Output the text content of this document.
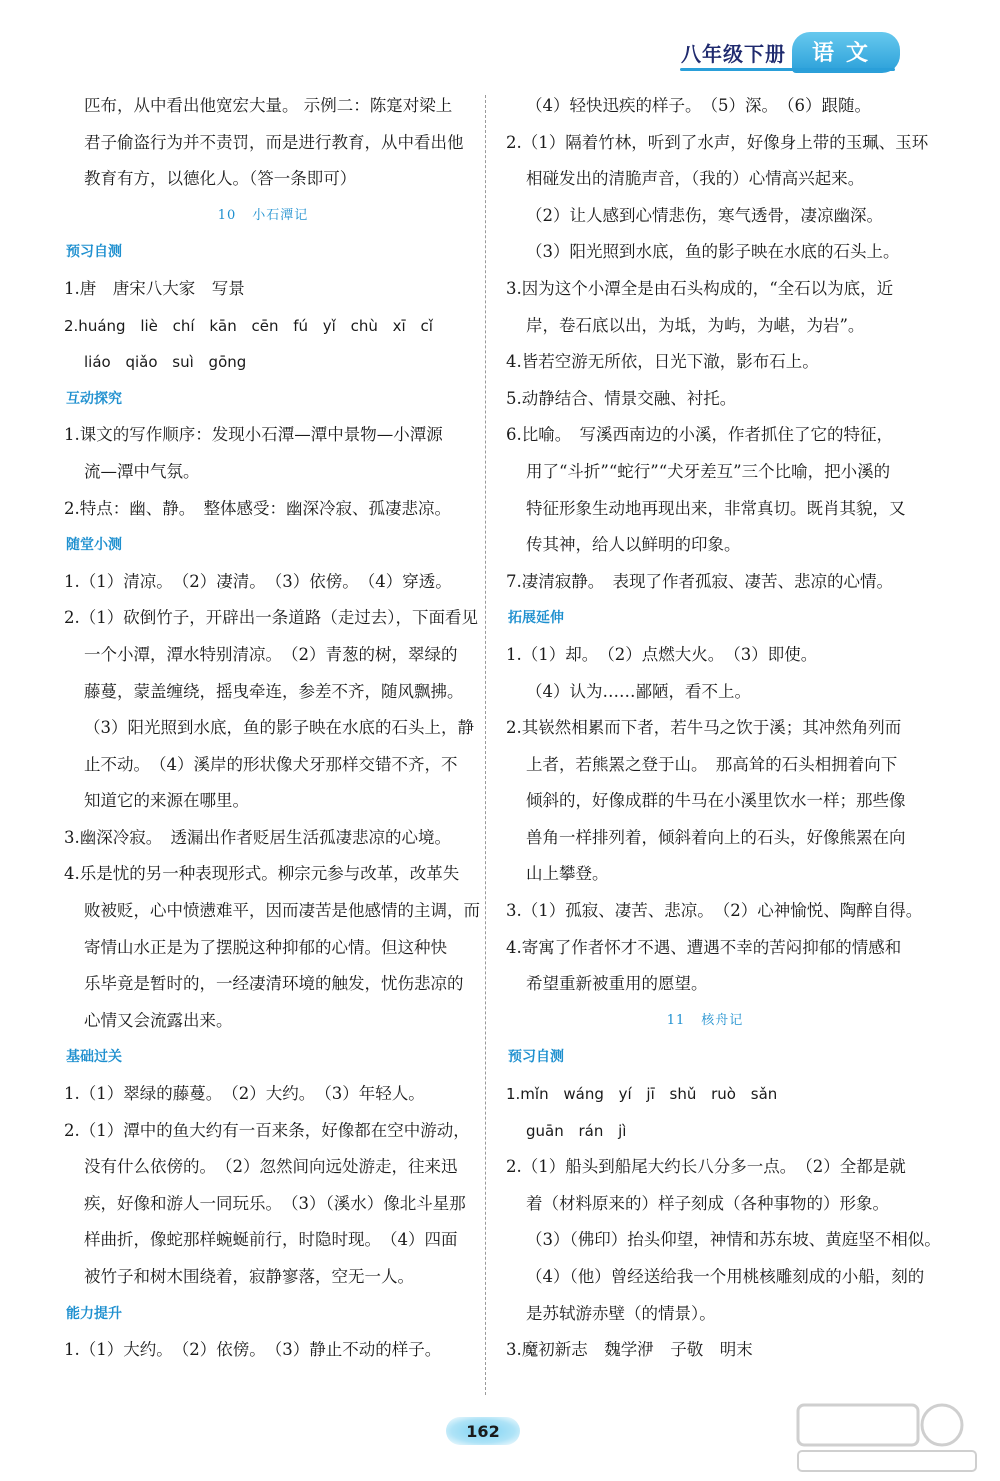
八年级下册	语文
匹布，从中看出他宽宏大量。 示例二：陈寔对梁上
君子偷盗行为并不责罚，而是进行教育，从中看出他
教育有方，以德化人。（答一条即可）
10 小石潭记
预习自测
1.唐　唐宋八大家　写景
2.huáng liè chí kān cēn fú yǐ chù xī cǐ
liáo qiǎo suì gōng
互动探究
1.课文的写作顺序：发现小石潭—潭中景物—小潭源
流—潭中气氛。
2.特点：幽、静。　整体感受：幽深冷寂、孤凄悲凉。
随堂小测
1.（1）清凉。　（2）凄清。　（3）依傍。　（4）穿透。
2.（1）砍倒竹子，开辟出一条道路（走过去），下面看见
一个小潭，潭水特别清凉。　（2）青葱的树，翠绿的
藤蔓，蒙盖缠绕，摇曳牵连，参差不齐，随风飘拂。
（3）阳光照到水底，鱼的影子映在水底的石头上，静
止不动。　（4）溪岸的形状像犬牙那样交错不齐，不
知道它的来源在哪里。
3.幽深冷寂。　透漏出作者贬居生活孤凄悲凉的心境。
4.乐是忧的另一种表现形式。柳宗元参与改革，改革失
败被贬，心中愤懑难平，因而凄苦是他感情的主调，而
寄情山水正是为了摆脱这种抑郁的心情。但这种快
乐毕竟是暂时的，一经凄清环境的触发，忧伤悲凉的
心情又会流露出来。
基础过关
1.（1）翠绿的藤蔓。　（2）大约。　（3）年轻人。
2.（1）潭中的鱼大约有一百来条，好像都在空中游动，
没有什么依傍的。　（2）忽然间向远处游走，往来迅
疾，好像和游人一同玩乐。　（3）（溪水）像北斗星那
样曲折，像蛇那样蜿蜒前行，时隐时现。　（4）四面
被竹子和树木围绕着，寂静寥落，空无一人。
能力提升
1.（1）大约。　（2）依傍。　（3）静止不动的样子。
（4）轻快迅疾的样子。　（5）深。　（6）跟随。
2.（1）隔着竹林，听到了水声，好像身上带的玉珮、玉环
相碰发出的清脆声音，（我的）心情高兴起来。
（2）让人感到心情悲伤，寒气透骨，凄凉幽深。
（3）阳光照到水底，鱼的影子映在水底的石头上。
3.因为这个小潭全是由石头构成的，“全石以为底，近
岸，卷石底以出，为坻，为屿，为嵁，为岩”。
4.皆若空游无所依，日光下澈，影布石上。
5.动静结合、情景交融、衬托。
6.比喻。　写溪西南边的小溪，作者抓住了它的特征，
用了“斗折”“蛇行”“犬牙差互”三个比喻，把小溪的
特征形象生动地再现出来，非常真切。既肖其貌，又
传其神，给人以鲜明的印象。
7.凄清寂静。　表现了作者孤寂、凄苦、悲凉的心情。
拓展延伸
1.（1）却。　（2）点燃大火。　（3）即使。
（4）认为……鄙陋，看不上。
2.其嵚然相累而下者，若牛马之饮于溪；其冲然角列而
上者，若熊罴之登于山。　那高耸的石头相拥着向下
倾斜的，好像成群的牛马在小溪里饮水一样；那些像
兽角一样排列着，倾斜着向上的石头，好像熊罴在向
山上攀登。
3.（1）孤寂、凄苦、悲凉。　（2）心神愉悦、陶醉自得。
4.寄寓了作者怀才不遇、遭遇不幸的苦闷抑郁的情感和
希望重新被重用的愿望。
11 核舟记
预习自测
1.mǐn wáng yí jī shǔ ruò sǎn
guān rán jì
2.（1）船头到船尾大约长八分多一点。　（2）全都是就
着（材料原来的）样子刻成（各种事物的）形象。
（3）（佛印）抬头仰望，神情和苏东坡、黄庭坚不相似。
（4）（他）曾经送给我一个用桃核雕刻成的小船，刻的
是苏轼游赤壁（的情景）。
3.魔初新志　魏学洢　子敬　明末
162
